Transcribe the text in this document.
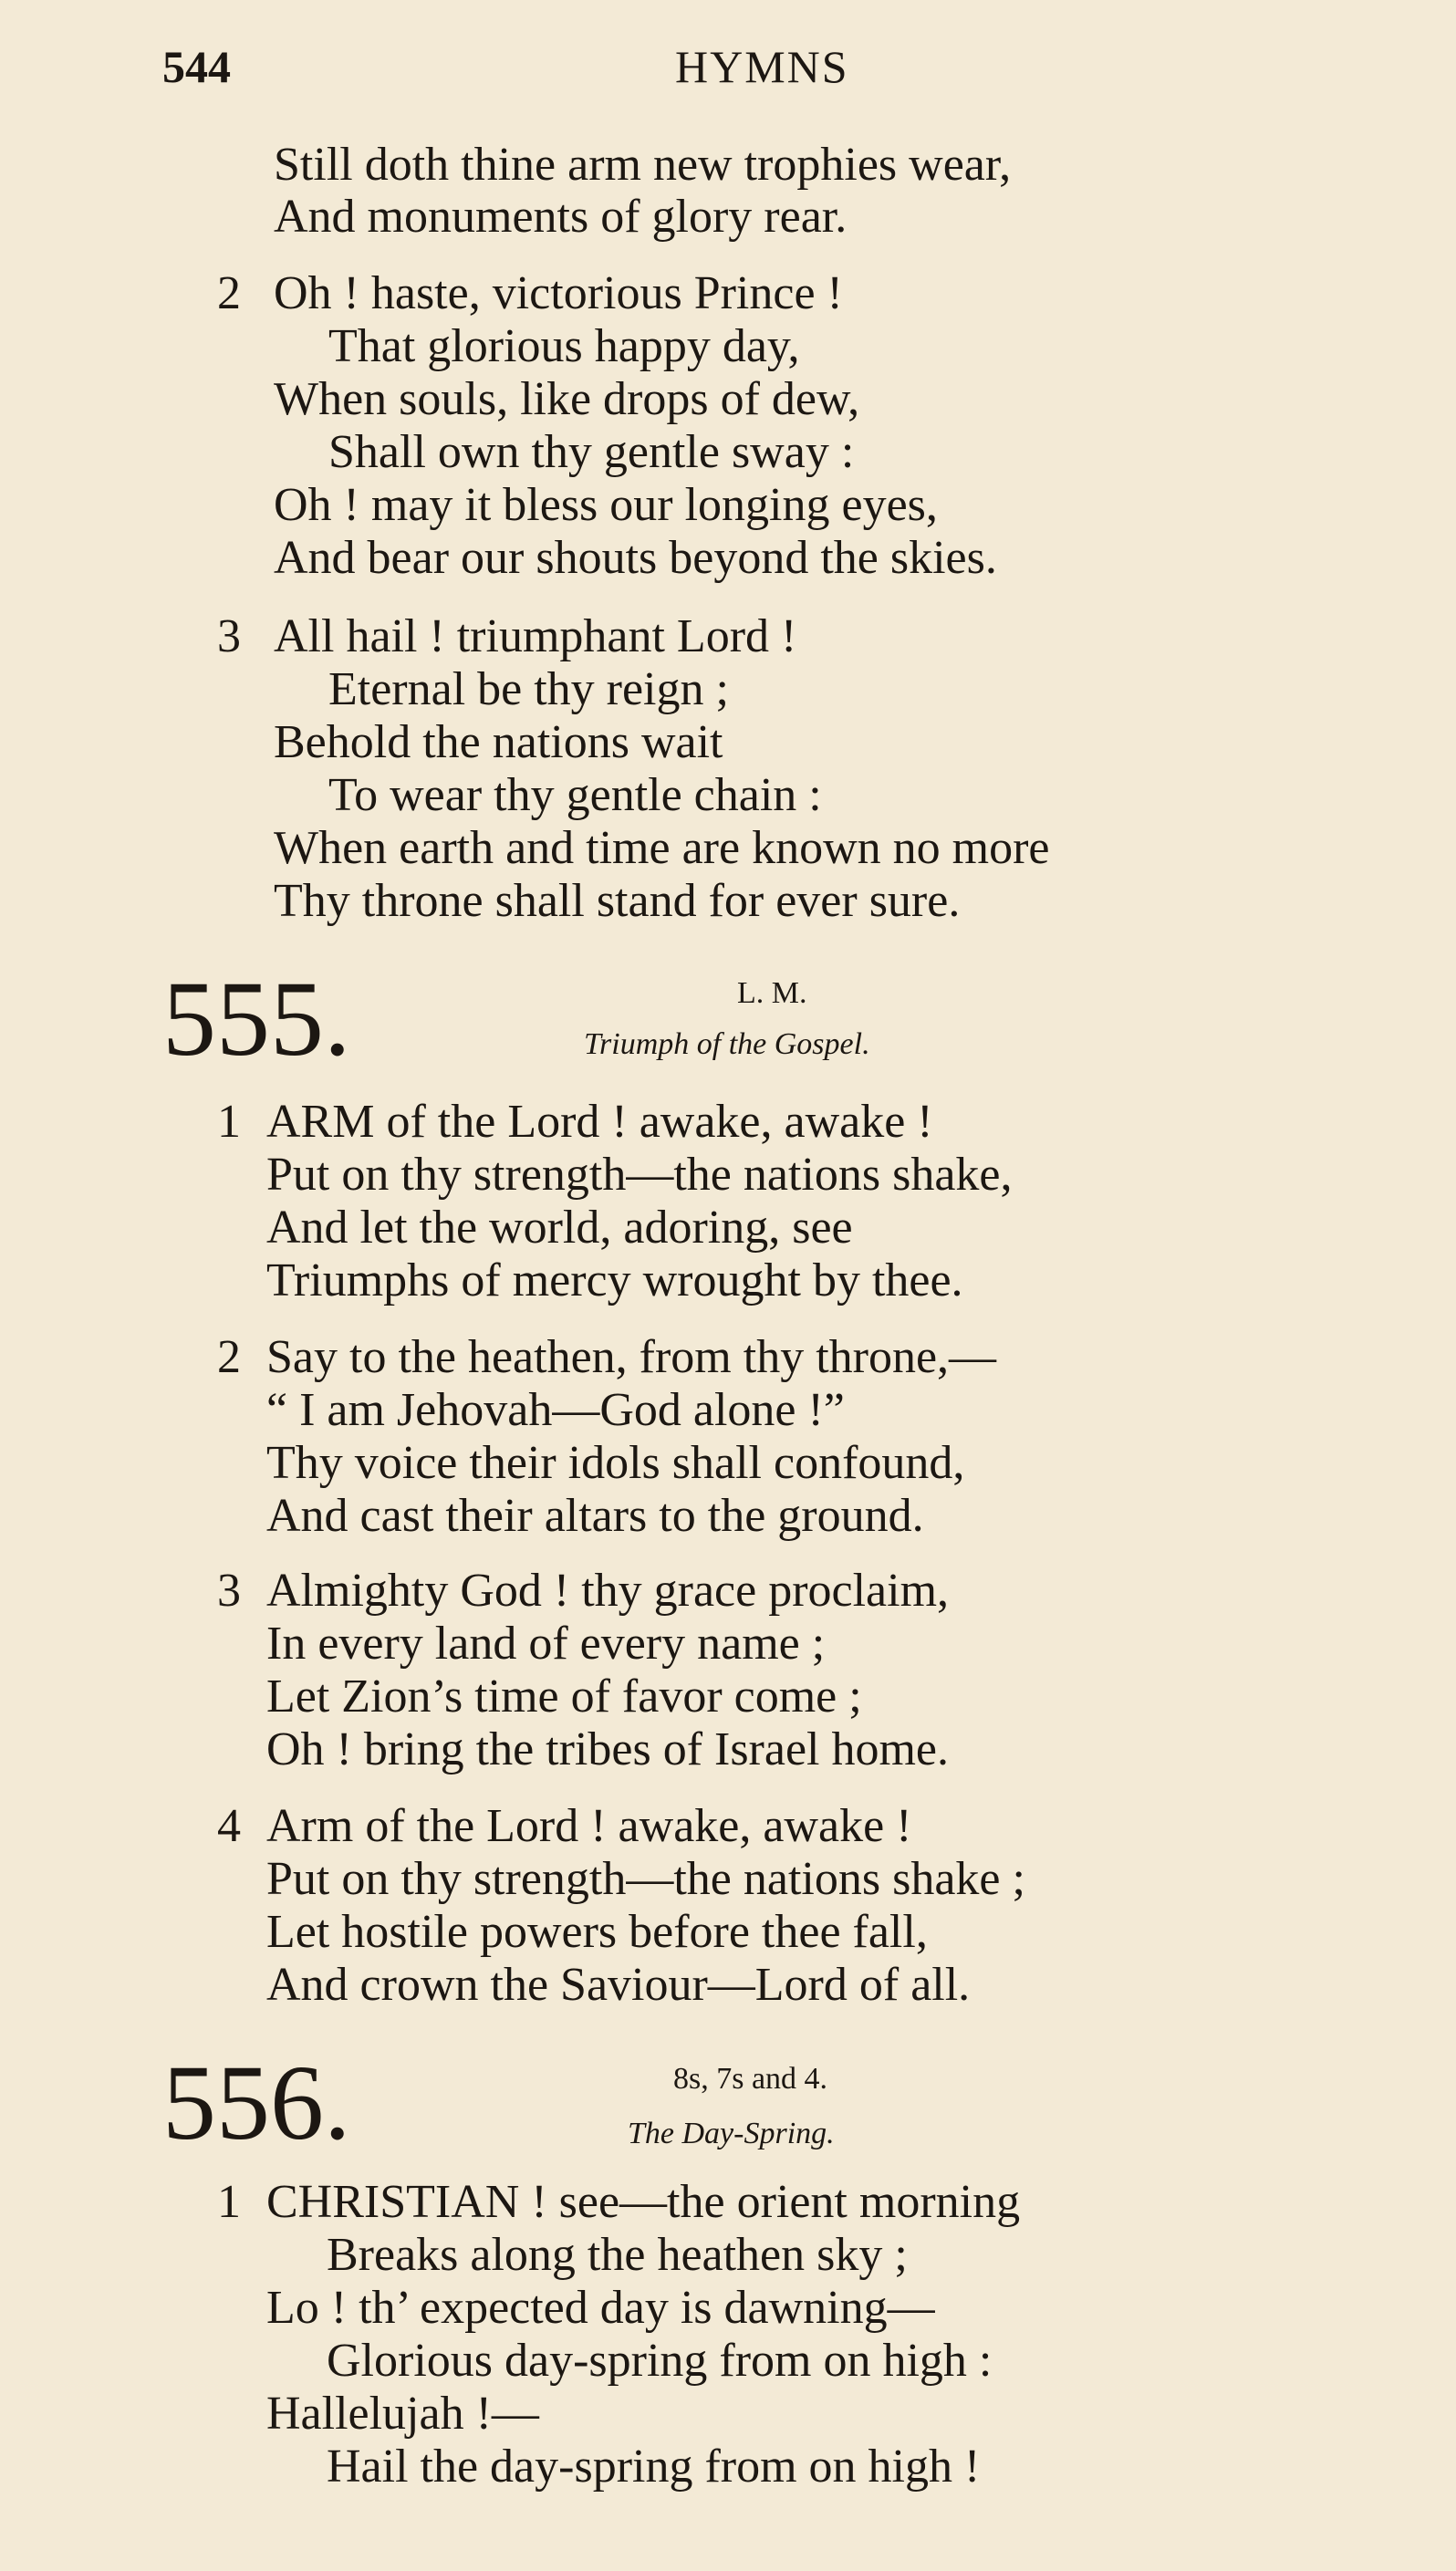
544	HYMNS
Still doth thine arm new trophies wear,
And monuments of glory rear.
2 Oh ! haste, victorious Prince !
That glorious happy day,
When souls, like drops of dew,
Shall own thy gentle sway :
Oh ! may it bless our longing eyes,
And bear our shouts beyond the skies.
3 All hail ! triumphant Lord !
Eternal be thy reign ;
Behold the nations wait
To wear thy gentle chain :
When earth and time are known no more
Thy throne shall stand for ever sure.
555.	L. M.
Triumph of the Gospel.
1 ARM of the Lord ! awake, awake !
Put on thy strength—the nations shake,
And let the world, adoring, see
Triumphs of mercy wrought by thee.
2 Say to the heathen, from thy throne,—
“ I am Jehovah—God alone !”
Thy voice their idols shall confound,
And cast their altars to the ground.
3 Almighty God ! thy grace proclaim,
In every land of every name ;
Let Zion’s time of favor come ;
Oh ! bring the tribes of Israel home.
4 Arm of the Lord ! awake, awake !
Put on thy strength—the nations shake ;
Let hostile powers before thee fall,
And crown the Saviour—Lord of all.
556.	8s, 7s and 4.
The Day-Spring.
1 CHRISTIAN ! see—the orient morning
Breaks along the heathen sky ;
Lo ! th’ expected day is dawning—
Glorious day-spring from on high :
Hallelujah !—
Hail the day-spring from on high !
